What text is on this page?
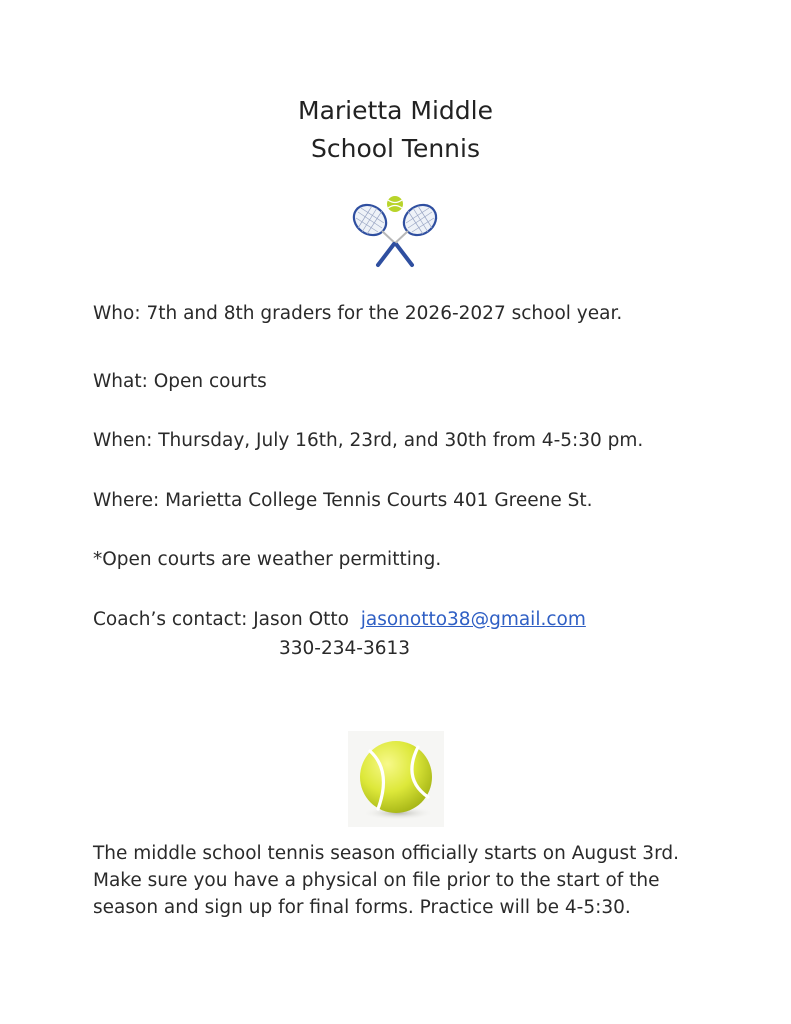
Marietta Middle
School Tennis
Who: 7th and 8th graders for the 2026-2027 school year.
What: Open courts
When: Thursday, July 16th, 23rd, and 30th from 4-5:30 pm.
Where: Marietta College Tennis Courts 401 Greene St.
*Open courts are weather permitting.
Coach’s contact: Jason Otto jasonotto38@gmail.com
330-234-3613
The middle school tennis season officially starts on August 3rd.
Make sure you have a physical on file prior to the start of the
season and sign up for final forms. Practice will be 4-5:30.
